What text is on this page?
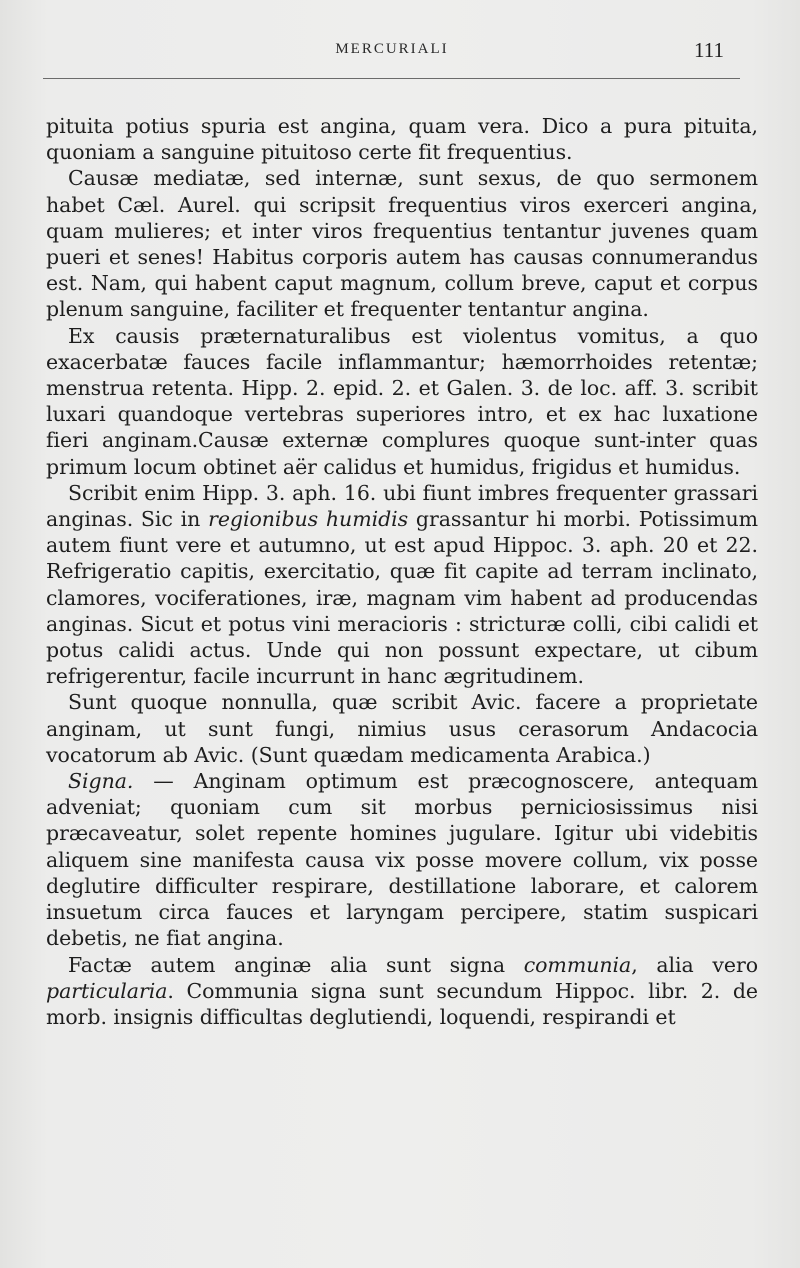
MERCURIALI	111

pituita potius spuria est angina, quam vera. Dico a pura pituita, quoniam a sanguine pituitoso certe fit frequentius.

Causæ mediatæ, sed internæ, sunt sexus, de quo sermonem habet Cæl. Aurel. qui scripsit frequentius viros exerceri angina, quam mulieres; et inter viros frequentius tentantur juvenes quam pueri et senes! Habitus corporis autem has causas connumerandus est. Nam, qui habent caput magnum, collum breve, caput et corpus plenum sanguine, faciliter et frequenter tentantur angina.

Ex causis præternaturalibus est violentus vomitus, a quo exacerbatæ fauces facile inflammantur; hæmorrhoides retentæ; menstrua retenta. Hipp. 2. epid. 2. et Galen. 3. de loc. aff. 3. scribit luxari quandoque vertebras superiores intro, et ex hac luxatione fieri anginam.Causæ externæ complures quoque sunt-inter quas primum locum obtinet aër calidus et humidus, frigidus et humidus.

Scribit enim Hipp. 3. aph. 16. ubi fiunt imbres frequenter grassari anginas. Sic in regionibus humidis grassantur hi morbi. Potissimum autem fiunt vere et autumno, ut est apud Hippoc. 3. aph. 20 et 22. Refrigeratio capitis, exercitatio, quæ fit capite ad terram inclinato, clamores, vociferationes, iræ, magnam vim habent ad producendas anginas. Sicut et potus vini meracioris : stricturæ colli, cibi calidi et potus calidi actus. Unde qui non possunt expectare, ut cibum refrigerentur, facile incurrunt in hanc ægritudinem.

Sunt quoque nonnulla, quæ scribit Avic. facere a proprietate anginam, ut sunt fungi, nimius usus cerasorum Andacocia vocatorum ab Avic. (Sunt quædam medicamenta Arabica.)

Signa. — Anginam optimum est præcognoscere, antequam adveniat; quoniam cum sit morbus perniciosissimus nisi præcaveatur, solet repente homines jugulare. Igitur ubi videbitis aliquem sine manifesta causa vix posse movere collum, vix posse deglutire difficulter respirare, destillatione laborare, et calorem insuetum circa fauces et laryngam percipere, statim suspicari debetis, ne fiat angina.

Factæ autem anginæ alia sunt signa communia, alia vero particularia. Communia signa sunt secundum Hippoc. libr. 2. de morb. insignis difficultas deglutiendi, loquendi, respirandi et
